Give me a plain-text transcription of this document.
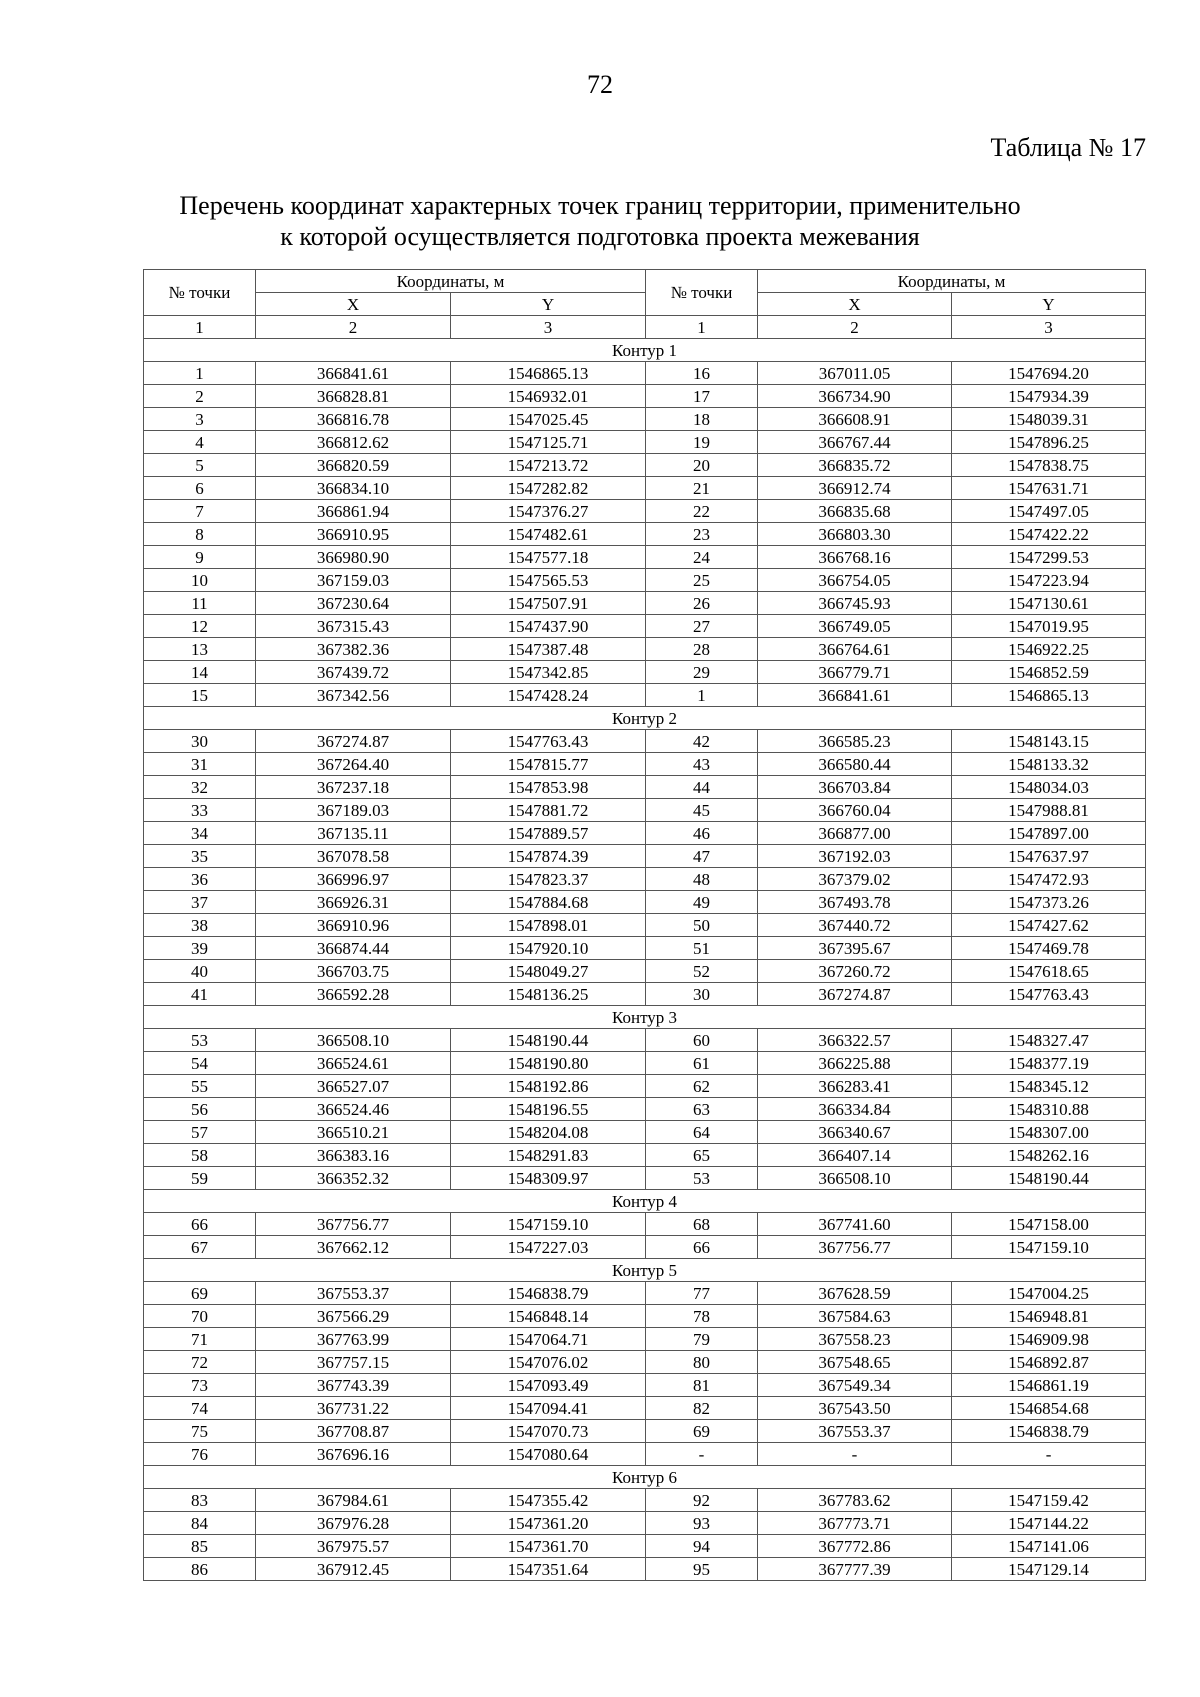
72
Таблица № 17
Перечень координат характерных точек границ территории, применительно
к которой осуществляется подготовка проекта межевания
№ точки	Координаты, м		№ точки	Координаты, м	
	X	Y		X	Y
1	2	3	1	2	3
Контур 1					
1	366841.61	1546865.13	16	367011.05	1547694.20
2	366828.81	1546932.01	17	366734.90	1547934.39
3	366816.78	1547025.45	18	366608.91	1548039.31
4	366812.62	1547125.71	19	366767.44	1547896.25
5	366820.59	1547213.72	20	366835.72	1547838.75
6	366834.10	1547282.82	21	366912.74	1547631.71
7	366861.94	1547376.27	22	366835.68	1547497.05
8	366910.95	1547482.61	23	366803.30	1547422.22
9	366980.90	1547577.18	24	366768.16	1547299.53
10	367159.03	1547565.53	25	366754.05	1547223.94
11	367230.64	1547507.91	26	366745.93	1547130.61
12	367315.43	1547437.90	27	366749.05	1547019.95
13	367382.36	1547387.48	28	366764.61	1546922.25
14	367439.72	1547342.85	29	366779.71	1546852.59
15	367342.56	1547428.24	1	366841.61	1546865.13
Контур 2					
30	367274.87	1547763.43	42	366585.23	1548143.15
31	367264.40	1547815.77	43	366580.44	1548133.32
32	367237.18	1547853.98	44	366703.84	1548034.03
33	367189.03	1547881.72	45	366760.04	1547988.81
34	367135.11	1547889.57	46	366877.00	1547897.00
35	367078.58	1547874.39	47	367192.03	1547637.97
36	366996.97	1547823.37	48	367379.02	1547472.93
37	366926.31	1547884.68	49	367493.78	1547373.26
38	366910.96	1547898.01	50	367440.72	1547427.62
39	366874.44	1547920.10	51	367395.67	1547469.78
40	366703.75	1548049.27	52	367260.72	1547618.65
41	366592.28	1548136.25	30	367274.87	1547763.43
Контур 3					
53	366508.10	1548190.44	60	366322.57	1548327.47
54	366524.61	1548190.80	61	366225.88	1548377.19
55	366527.07	1548192.86	62	366283.41	1548345.12
56	366524.46	1548196.55	63	366334.84	1548310.88
57	366510.21	1548204.08	64	366340.67	1548307.00
58	366383.16	1548291.83	65	366407.14	1548262.16
59	366352.32	1548309.97	53	366508.10	1548190.44
Контур 4					
66	367756.77	1547159.10	68	367741.60	1547158.00
67	367662.12	1547227.03	66	367756.77	1547159.10
Контур 5					
69	367553.37	1546838.79	77	367628.59	1547004.25
70	367566.29	1546848.14	78	367584.63	1546948.81
71	367763.99	1547064.71	79	367558.23	1546909.98
72	367757.15	1547076.02	80	367548.65	1546892.87
73	367743.39	1547093.49	81	367549.34	1546861.19
74	367731.22	1547094.41	82	367543.50	1546854.68
75	367708.87	1547070.73	69	367553.37	1546838.79
76	367696.16	1547080.64	-	-	-
Контур 6					
83	367984.61	1547355.42	92	367783.62	1547159.42
84	367976.28	1547361.20	93	367773.71	1547144.22
85	367975.57	1547361.70	94	367772.86	1547141.06
86	367912.45	1547351.64	95	367777.39	1547129.14
